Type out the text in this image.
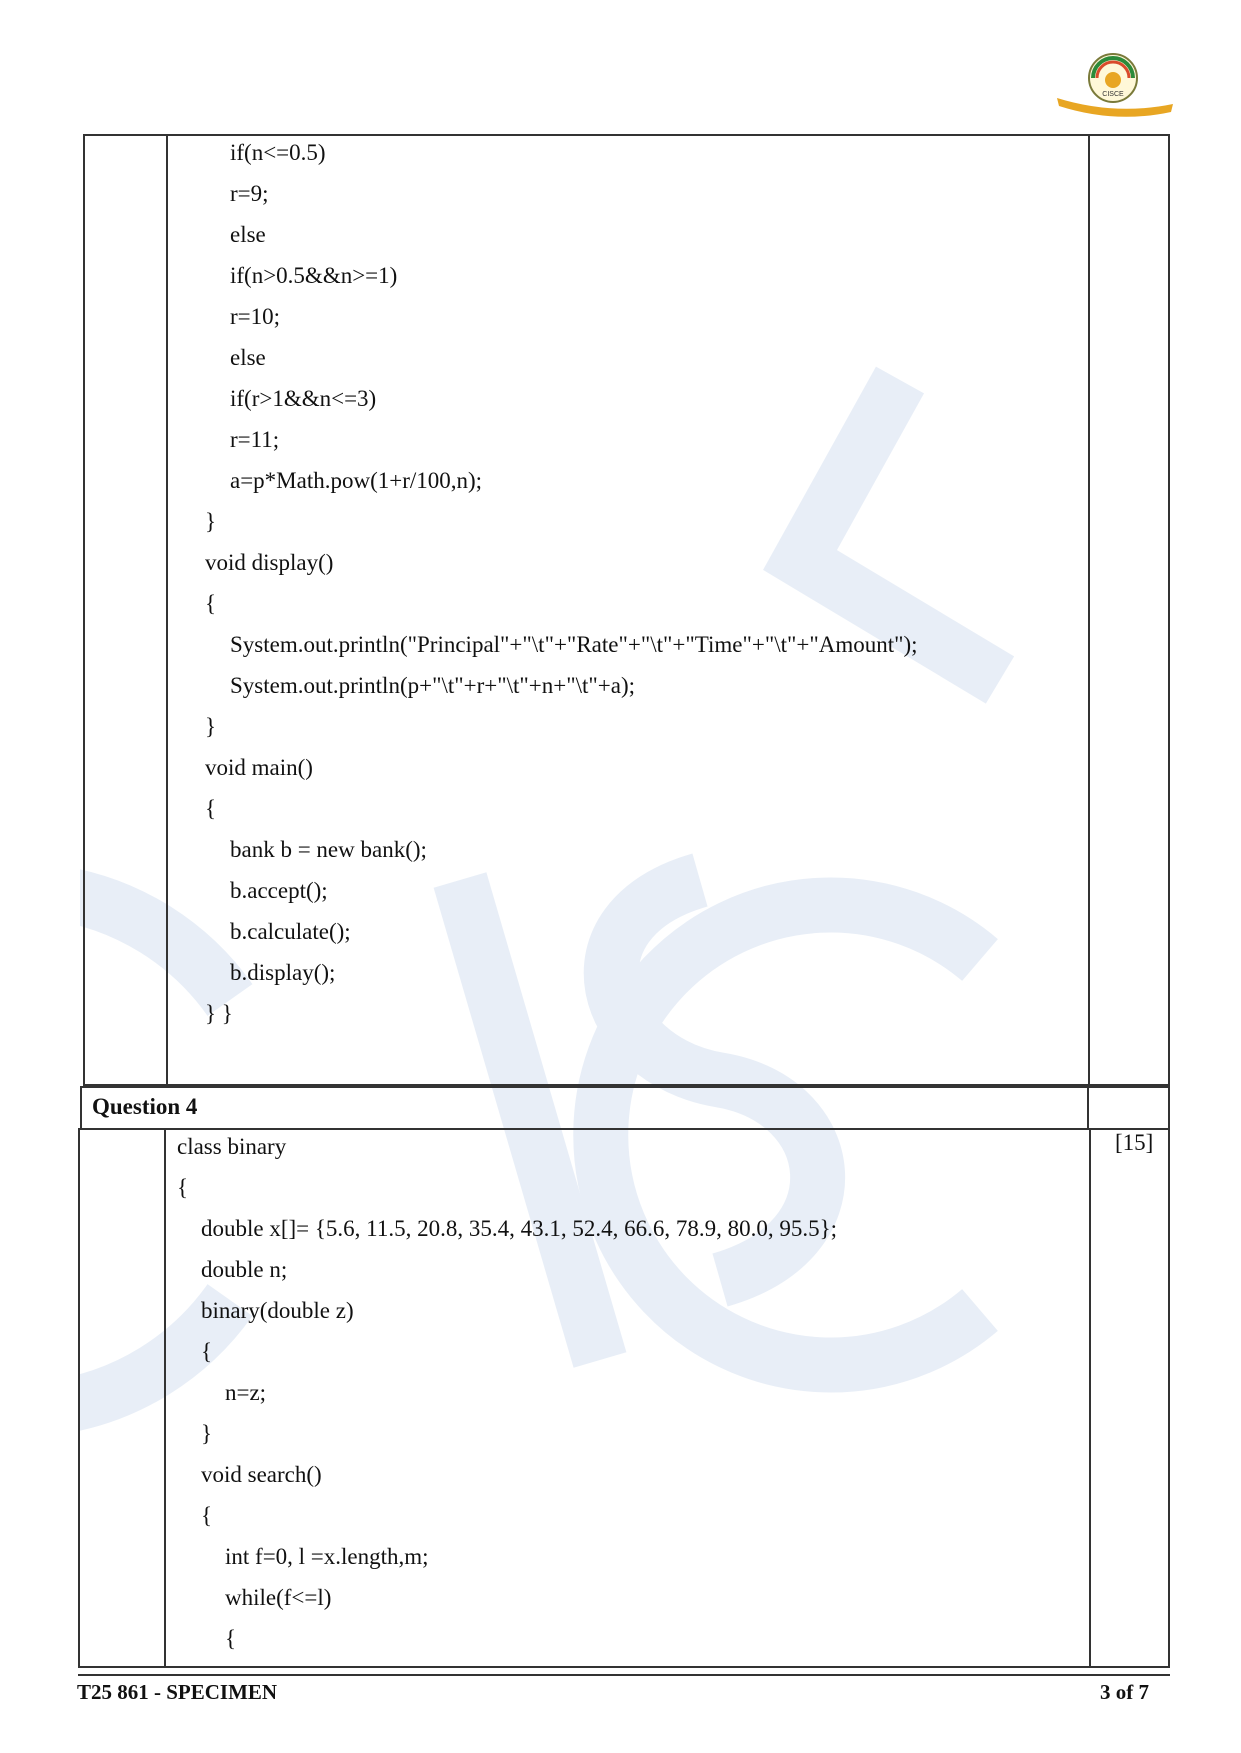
CISCE
if(n<=0.5)
r=9;
else
if(n>0.5&&n>=1)
r=10;
else
if(r>1&&n<=3)
r=11;
a=p*Math.pow(1+r/100,n);
}
void display()
{
System.out.println("Principal"+"\t"+"Rate"+"\t"+"Time"+"\t"+"Amount");
System.out.println(p+"\t"+r+"\t"+n+"\t"+a);
}
void main()
{
bank b = new bank();
b.accept();
b.calculate();
b.display();
} }
Question 4
[15]
class binary
{
double x[]= {5.6, 11.5, 20.8, 35.4, 43.1, 52.4, 66.6, 78.9, 80.0, 95.5};
double n;
binary(double z)
{
n=z;
}
void search()
{
int f=0, l =x.length,m;
while(f<=l)
{
T25 861 - SPECIMEN	3 of 7
